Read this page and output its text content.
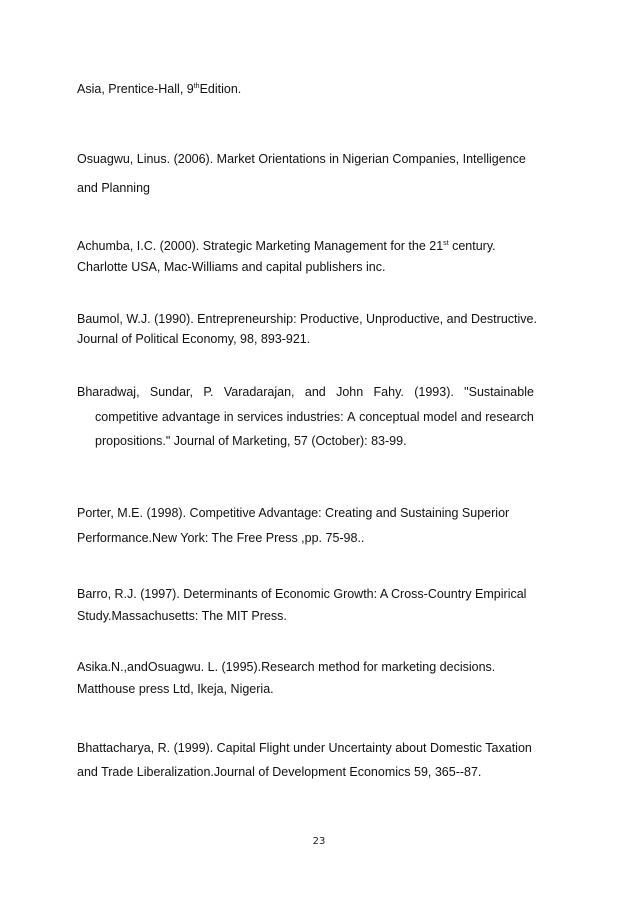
Asia, Prentice-Hall, 9thEdition.
Osuagwu, Linus. (2006). Market Orientations in Nigerian Companies, Intelligence
and Planning
Achumba, I.C. (2000). Strategic Marketing Management for the 21st century.
Charlotte USA, Mac-Williams and capital publishers inc.
Baumol, W.J. (1990). Entrepreneurship: Productive, Unproductive, and Destructive.
Journal of Political Economy, 98, 893-921.
Bharadwaj, Sundar, P. Varadarajan, and John Fahy. (1993). "Sustainable
competitive advantage in services industries: A conceptual model and research
propositions." Journal of Marketing, 57 (October): 83-99.
Porter, M.E. (1998). Competitive Advantage: Creating and Sustaining Superior
Performance.New York: The Free Press ,pp. 75-98..
Barro, R.J. (1997). Determinants of Economic Growth: A Cross-Country Empirical
Study.Massachusetts: The MIT Press.
Asika.N.,andOsuagwu. L. (1995).Research method for marketing decisions.
Matthouse press Ltd, Ikeja, Nigeria.
Bhattacharya, R. (1999). Capital Flight under Uncertainty about Domestic Taxation
and Trade Liberalization.Journal of Development Economics 59, 365--87.
23
